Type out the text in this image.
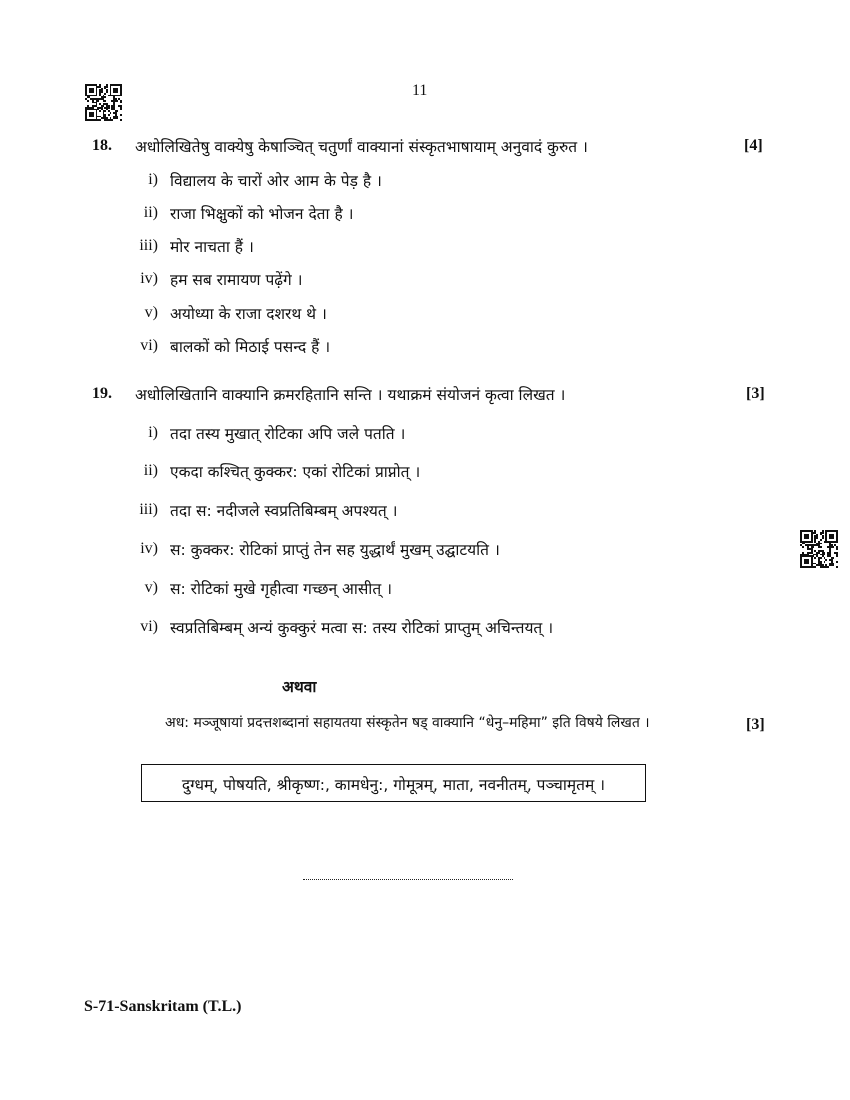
11
18. अधोलिखितेषु वाक्येषु केषाञ्चित् चतुर्णां वाक्यानां संस्कृतभाषायाम् अनुवादं कुरुत ।	[4]
i) विद्यालय के चारों ओर आम के पेड़ है ।
ii) राजा भिक्षुकों को भोजन देता है ।
iii) मोर नाचता हैं ।
iv) हम सब रामायण पढ़ेंगे ।
v) अयोध्या के राजा दशरथ थे ।
vi) बालकों को मिठाई पसन्द हैं ।
19. अधोलिखितानि वाक्यानि क्रमरहितानि सन्ति । यथाक्रमं संयोजनं कृत्वा लिखत ।	[3]
i) तदा तस्य मुखात् रोटिका अपि जले पतति ।
ii) एकदा कश्चित् कुक्कर: एकां रोटिकां प्राप्नोत् ।
iii) तदा स: नदीजले स्वप्रतिबिम्बम् अपश्यत् ।
iv) स: कुक्कर: रोटिकां प्राप्तुं तेन सह युद्धार्थं मुखम् उद्घाटयति ।
v) स: रोटिकां मुखे गृहीत्वा गच्छन् आसीत् ।
vi) स्वप्रतिबिम्बम् अन्यं कुक्कुरं मत्वा स: तस्य रोटिकां प्राप्तुम् अचिन्तयत् ।
अथवा
अध: मञ्जूषायां प्रदत्तशब्दानां सहायतया संस्कृतेन षड् वाक्यानि “धेनु–महिमा” इति विषये लिखत ।	[3]
दुग्धम्, पोषयति, श्रीकृष्ण:, कामधेनु:, गोमूत्रम्, माता, नवनीतम्, पञ्चामृतम् ।
S-71-Sanskritam (T.L.)
